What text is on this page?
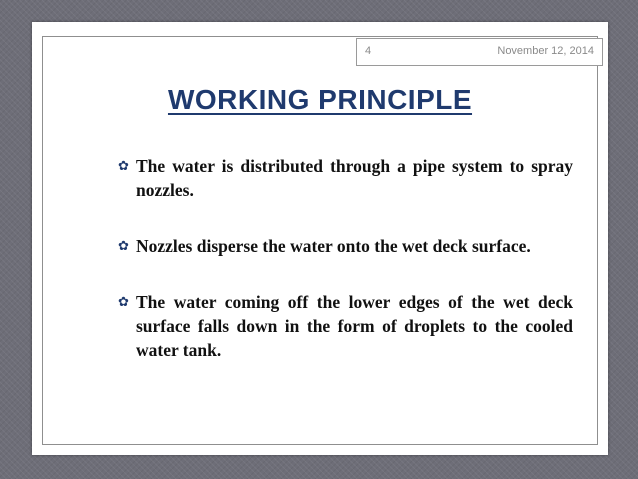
4	November 12, 2014
WORKING PRINCIPLE
✿ The water is distributed through a pipe system to spray nozzles.
✿ Nozzles disperse the water onto the wet deck surface.
✿ The water coming off the lower edges of the wet deck surface falls down in the form of droplets to the cooled water tank.
